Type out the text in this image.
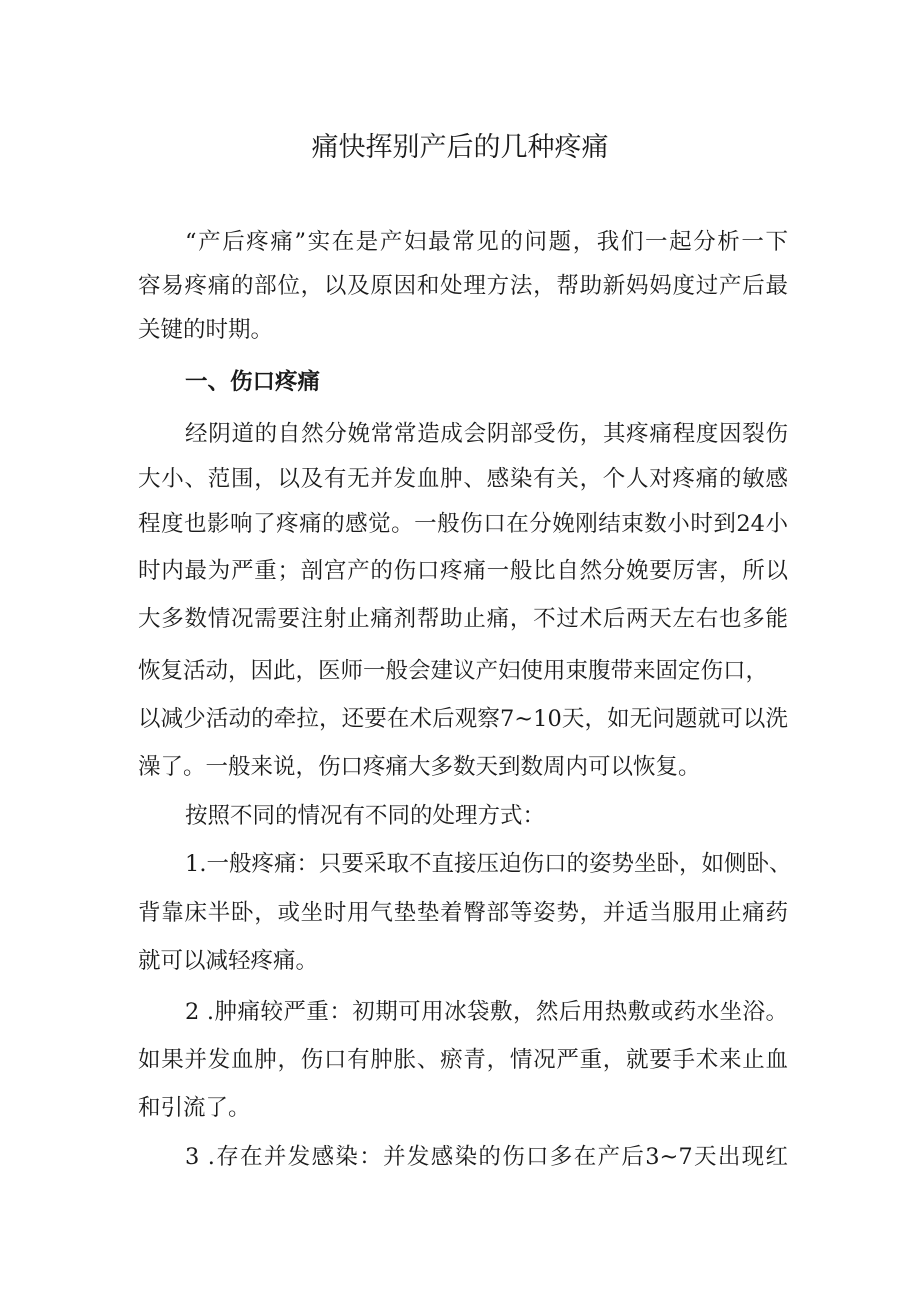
痛快挥别产后的几种疼痛

“产后疼痛”实在是产妇最常见的问题，我们一起分析一下

容易疼痛的部位，以及原因和处理方法，帮助新妈妈度过产后最

关键的时期。

一、伤口疼痛

经阴道的自然分娩常常造成会阴部受伤，其疼痛程度因裂伤

大小、范围，以及有无并发血肿、感染有关，个人对疼痛的敏感

程度也影响了疼痛的感觉。一般伤口在分娩刚结束数小时到24小

时内最为严重；剖宫产的伤口疼痛一般比自然分娩要厉害，所以

大多数情况需要注射止痛剂帮助止痛，不过术后两天左右也多能

恢复活动，因此，医师一般会建议产妇使用束腹带来固定伤口，

以减少活动的牵拉，还要在术后观察7~10天，如无问题就可以洗

澡了。一般来说，伤口疼痛大多数天到数周内可以恢复。

按照不同的情况有不同的处理方式：

1.一般疼痛：只要采取不直接压迫伤口的姿势坐卧，如侧卧、

背靠床半卧，或坐时用气垫垫着臀部等姿势，并适当服用止痛药

就可以减轻疼痛。

2 .肿痛较严重：初期可用冰袋敷，然后用热敷或药水坐浴。

如果并发血肿，伤口有肿胀、瘀青，情况严重，就要手术来止血

和引流了。

3 .存在并发感染：并发感染的伤口多在产后3~7天出现红
